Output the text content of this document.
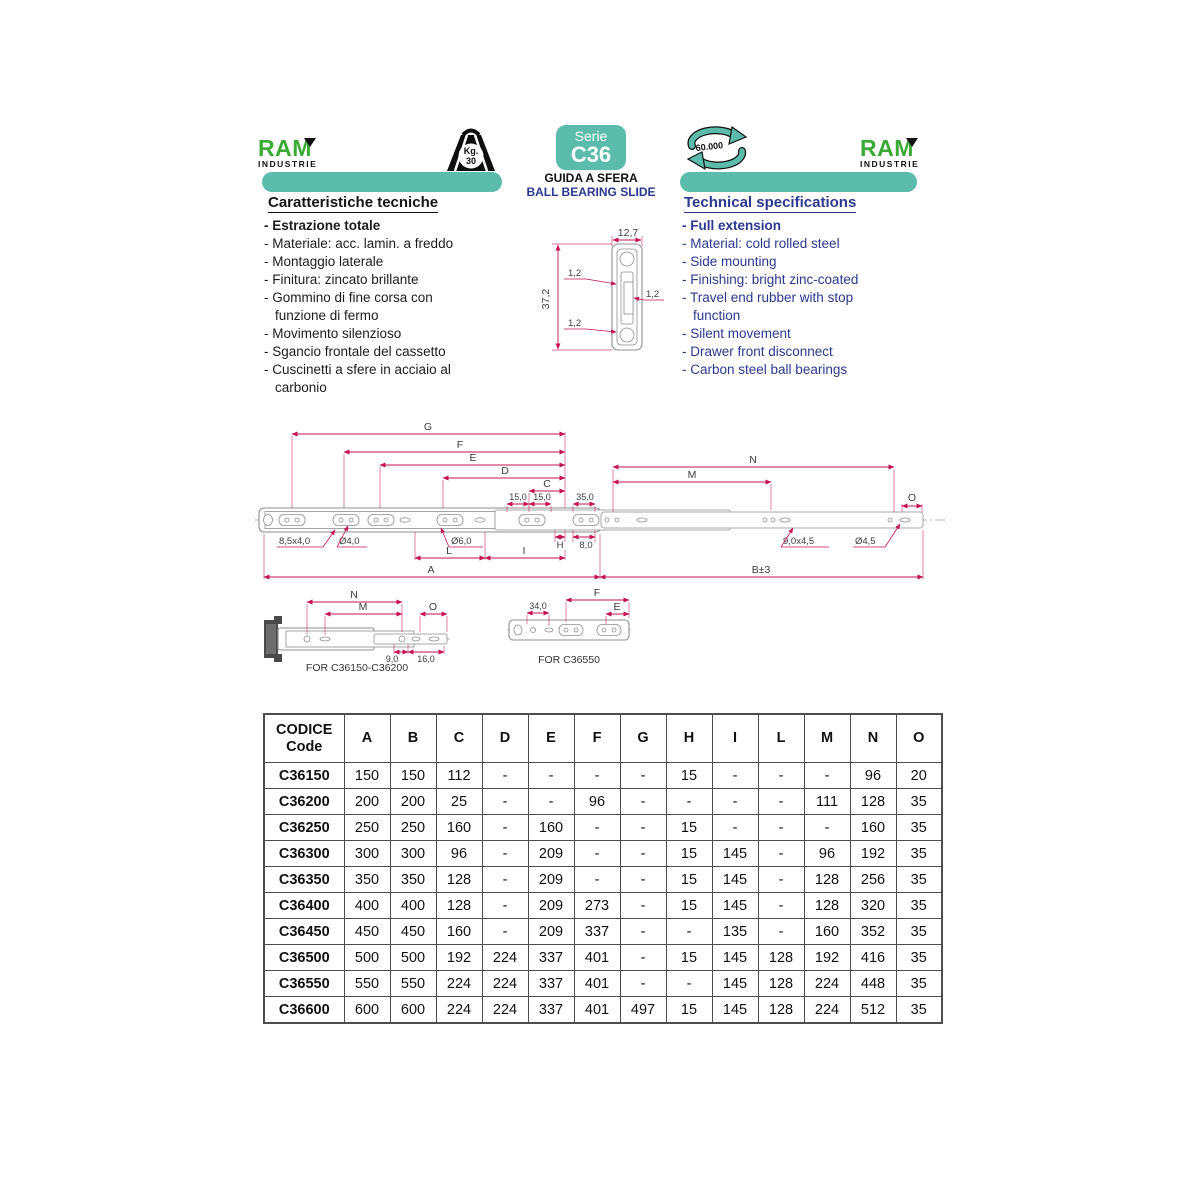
RAM
INDUSTRIE
Kg.
30
Serie
C36
GUIDA A SFERA
BALL BEARING SLIDE
60.000	RAM
INDUSTRIE
Caratteristiche tecniche
- Estrazione totale
- Materiale: acc. lamin. a freddo
- Montaggio laterale
- Finitura: zincato brillante
- Gommino di fine corsa con funzione di fermo
- Movimento silenzioso
- Sgancio frontale del cassetto
- Cuscinetti a sfere in acciaio al carbonio
Technical specifications
- Full extension
- Material: cold rolled steel
- Side mounting
- Finishing: bright zinc-coated
- Travel end rubber with stop function
- Silent movement
- Drawer front disconnect
- Carbon steel ball bearings
12,7
37,2
1,2
1,2
1,2
G
F
E
D
C
15,0 15,0	35,0
N
M
O
8,5x4,0	Ø4,0	Ø6,0	H 8,0	9,0x4,5	Ø4,5
L	I
A	B±3
N
M	O
9,0 16,0
FOR C36150-C36200
34,0
F
E
FOR C36550
CODICE
Code	A	B	C	D	E	F	G	H	I	L	M	N	O
C36150	150	150	112	-	-	-	-	15	-	-	-	96	20
C36200	200	200	25	-	-	96	-	-	-	-	111	128	35
C36250	250	250	160	-	160	-	-	15	-	-	-	160	35
C36300	300	300	96	-	209	-	-	15	145	-	96	192	35
C36350	350	350	128	-	209	-	-	15	145	-	128	256	35
C36400	400	400	128	-	209	273	-	15	145	-	128	320	35
C36450	450	450	160	-	209	337	-	-	135	-	160	352	35
C36500	500	500	192	224	337	401	-	15	145	128	192	416	35
C36550	550	550	224	224	337	401	-	-	145	128	224	448	35
C36600	600	600	224	224	337	401	497	15	145	128	224	512	35
